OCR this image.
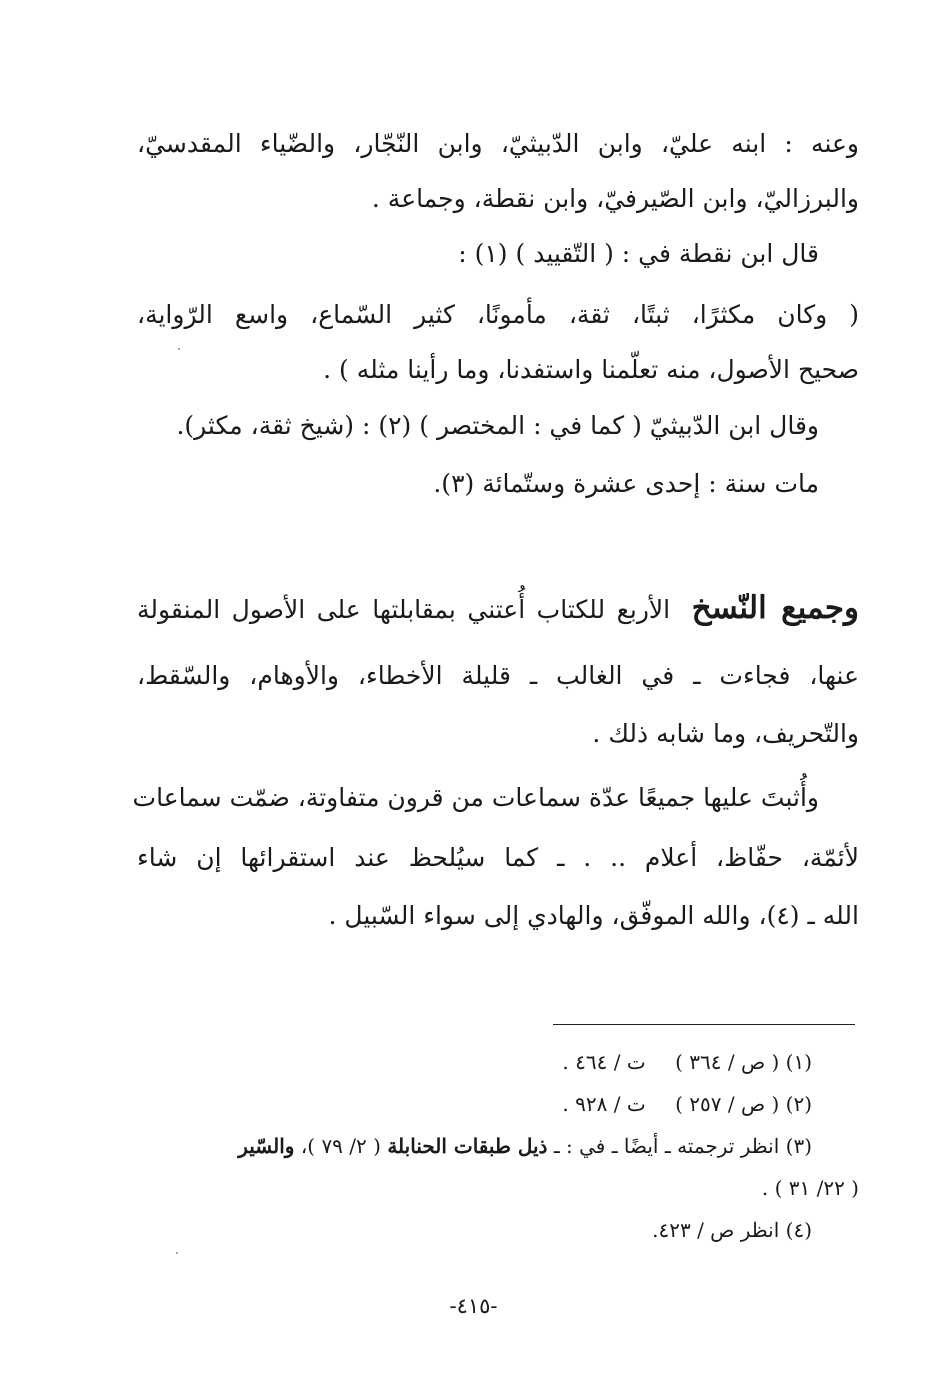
وعنه : ابنه عليّ، وابن الدّبيثيّ، وابن النّجّار، والضّياء المقدسيّ،
والبرزاليّ، وابن الصّيرفيّ، وابن نقطة، وجماعة .
قال ابن نقطة في : ( التّقييد ) (١) :
( وكان مكثرًا، ثبتًا، ثقة، مأمونًا، كثير السّماع، واسع الرّواية،
صحيح الأصول، منه تعلّمنا واستفدنا، وما رأينا مثله ) .
وقال ابن الدّبيثيّ ( كما في : المختصر ) (٢) : (شيخ ثقة، مكثر).
مات سنة : إحدى عشرة وستّمائة (٣).
وجميع النّسخ الأربع للكتاب أُعتني بمقابلتها على الأصول المنقولة
عنها، فجاءت ـ في الغالب ـ قليلة الأخطاء، والأوهام، والسّقط،
والتّحريف، وما شابه ذلك .
وأُثبتَ عليها جميعًا عدّة سماعات من قرون متفاوتة، ضمّت سماعات
لأئمّة، حفّاظ، أعلام .. . ـ كما سيُلحظ عند استقرائها إن شاء
الله ـ (٤)، والله الموفّق، والهادي إلى سواء السّبيل .
(١) ( ص / ٣٦٤ ) ت / ٤٦٤ .
(٢) ( ص / ٢٥٧ ) ت / ٩٢٨ .
(٣) انظر ترجمته ـ أيضًا ـ في : ـ ذيل طبقات الحنابلة ( ٢/ ٧٩ )، والسّير
( ٢٢/ ٣١ ) .
(٤) انظر ص / ٤٢٣.
-٤١٥-
